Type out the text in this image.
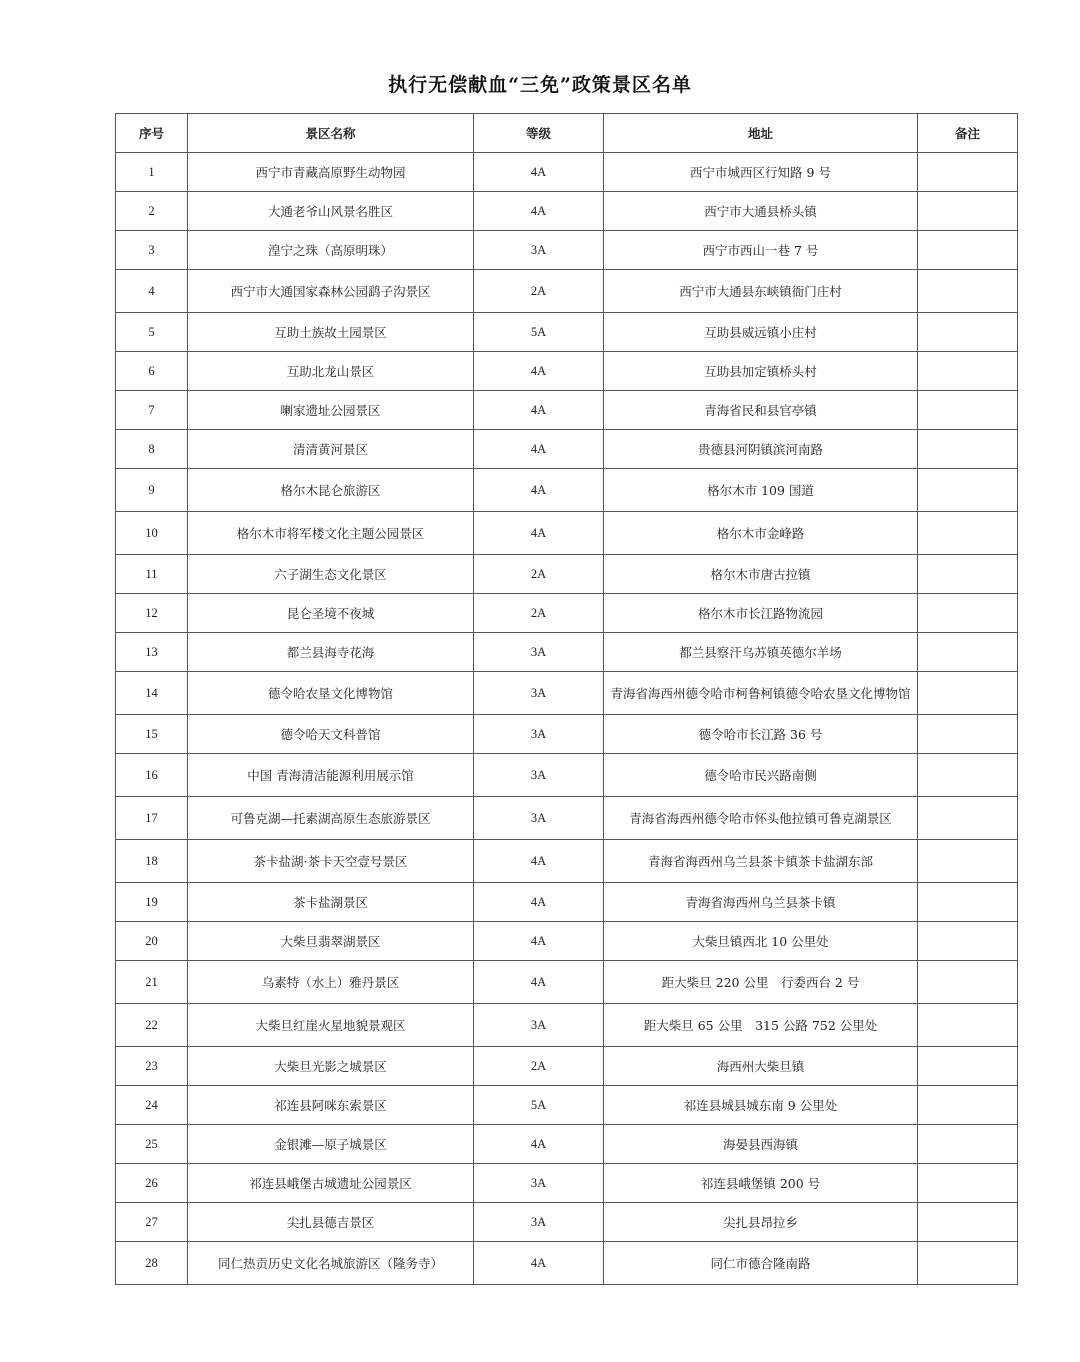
执行无偿献血“三免”政策景区名单
序号	景区名称	等级	地址	备注
1	西宁市青藏高原野生动物园	4A	西宁市城西区行知路 9 号	
2	大通老爷山风景名胜区	4A	西宁市大通县桥头镇	
3	湟宁之珠（高原明珠）	3A	西宁市西山一巷 7 号	
4	西宁市大通国家森林公园鹞子沟景区	2A	西宁市大通县东峡镇衙门庄村	
5	互助土族故土园景区	5A	互助县威远镇小庄村	
6	互助北龙山景区	4A	互助县加定镇桥头村	
7	喇家遗址公园景区	4A	青海省民和县官亭镇	
8	清清黄河景区	4A	贵德县河阴镇滨河南路	
9	格尔木昆仑旅游区	4A	格尔木市 109 国道	
10	格尔木市将军楼文化主题公园景区	4A	格尔木市金峰路	
11	六子湖生态文化景区	2A	格尔木市唐古拉镇	
12	昆仑圣境不夜城	2A	格尔木市长江路物流园	
13	都兰县海寺花海	3A	都兰县察汗乌苏镇英德尔羊场	
14	德令哈农垦文化博物馆	3A	青海省海西州德令哈市柯鲁柯镇德令哈农垦文化博物馆	
15	德令哈天文科普馆	3A	德令哈市长江路 36 号	
16	中国 青海清洁能源利用展示馆	3A	德令哈市民兴路南侧	
17	可鲁克湖—托素湖高原生态旅游景区	3A	青海省海西州德令哈市怀头他拉镇可鲁克湖景区	
18	茶卡盐湖·茶卡天空壹号景区	4A	青海省海西州乌兰县茶卡镇茶卡盐湖东部	
19	茶卡盐湖景区	4A	青海省海西州乌兰县茶卡镇	
20	大柴旦翡翠湖景区	4A	大柴旦镇西北 10 公里处	
21	乌素特（水上）雅丹景区	4A	距大柴旦 220 公里　行委西台 2 号	
22	大柴旦红崖火星地貌景观区	3A	距大柴旦 65 公里　315 公路 752 公里处	
23	大柴旦光影之城景区	2A	海西州大柴旦镇	
24	祁连县阿咪东索景区	5A	祁连县城县城东南 9 公里处	
25	金银滩—原子城景区	4A	海晏县西海镇	
26	祁连县峨堡古城遗址公园景区	3A	祁连县峨堡镇 200 号	
27	尖扎县德吉景区	3A	尖扎县昂拉乡	
28	同仁热贡历史文化名城旅游区（隆务寺）	4A	同仁市德合隆南路	
